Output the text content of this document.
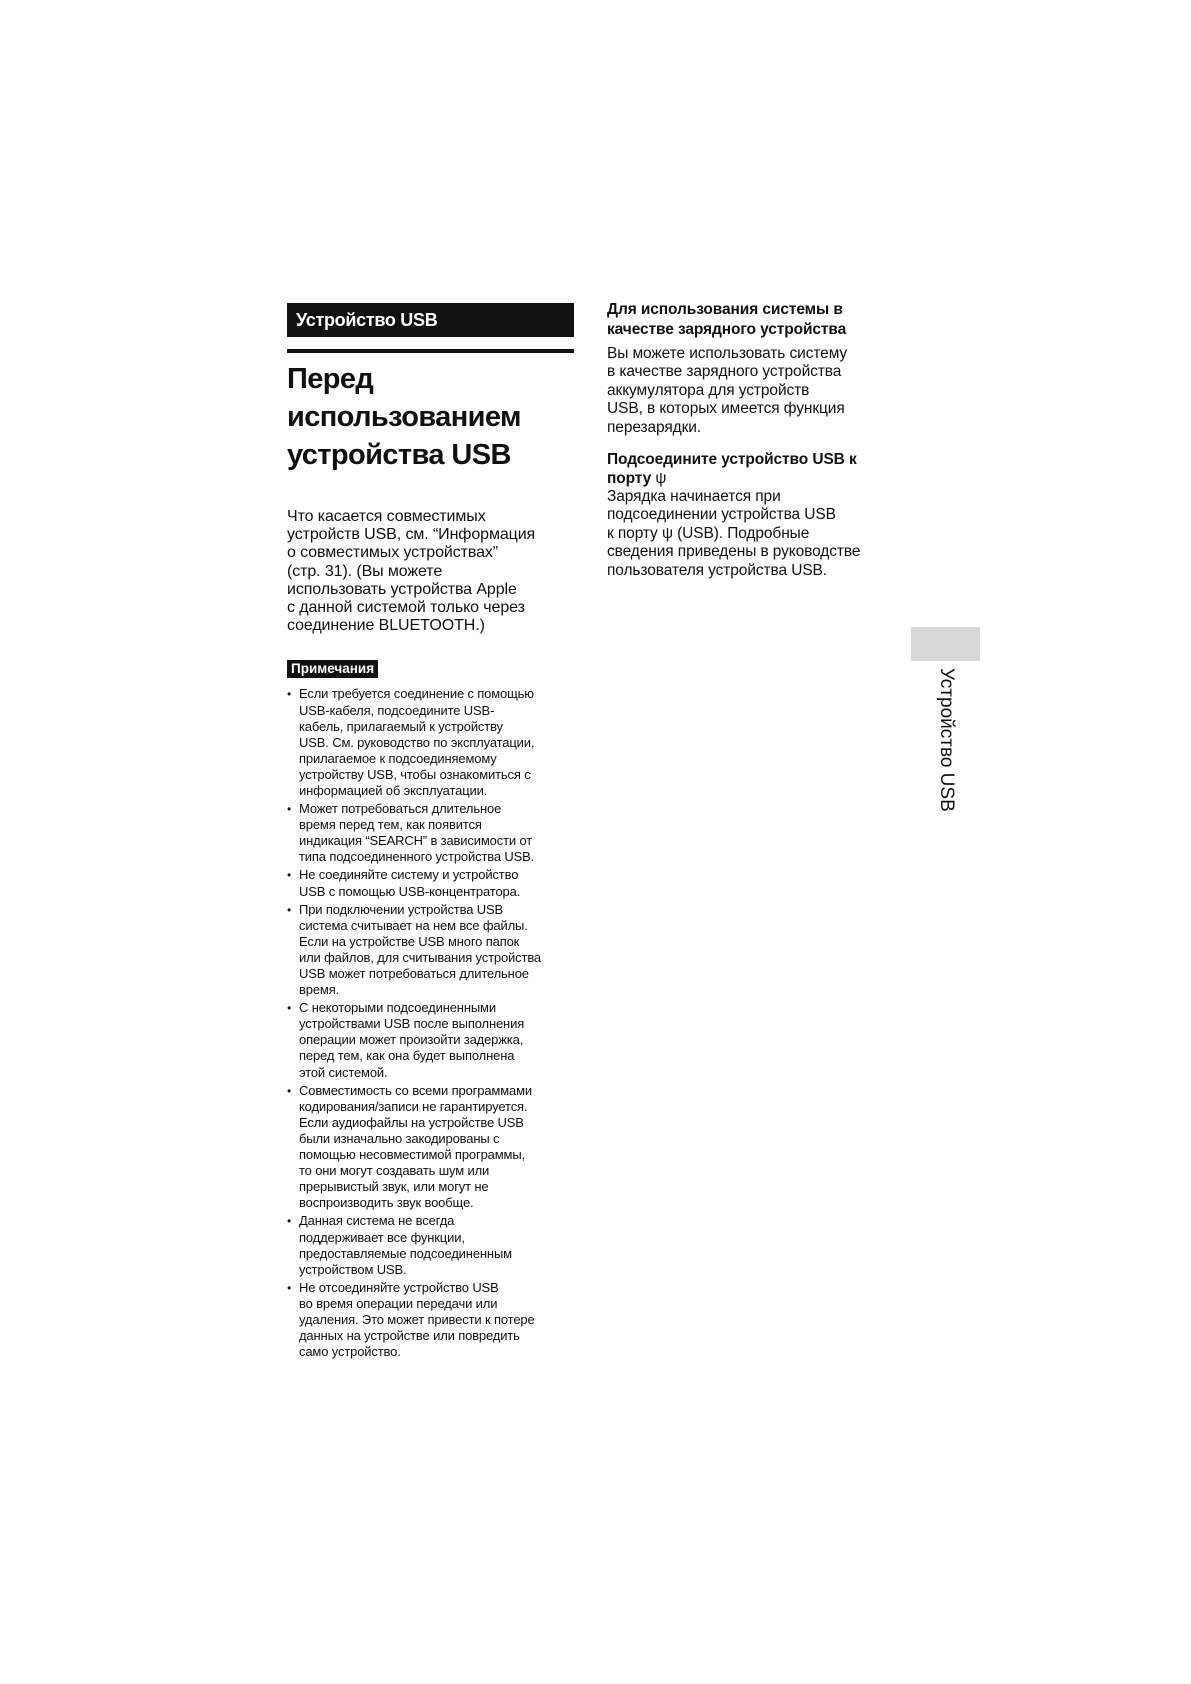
Устройство USB
Перед использованием устройства USB
Что касается совместимых
устройств USB, см. “Информация
о совместимых устройствах”
(стр. 31). (Вы можете
использовать устройства Apple
с данной системой только через
соединение BLUETOOTH.)
Примечания
• Если требуется соединение с помощью
USB-кабеля, подсоедините USB-
кабель, прилагаемый к устройству
USB. См. руководство по эксплуатации,
прилагаемое к подсоединяемому
устройству USB, чтобы ознакомиться с
информацией об эксплуатации.
• Может потребоваться длительное
время перед тем, как появится
индикация “SEARCH” в зависимости от
типа подсоединенного устройства USB.
• Не соединяйте систему и устройство
USB с помощью USB-концентратора.
• При подключении устройства USB
система считывает на нем все файлы.
Если на устройстве USB много папок
или файлов, для считывания устройства
USB может потребоваться длительное
время.
• С некоторыми подсоединенными
устройствами USB после выполнения
операции может произойти задержка,
перед тем, как она будет выполнена
этой системой.
• Совместимость со всеми программами
кодирования/записи не гарантируется.
Если аудиофайлы на устройстве USB
были изначально закодированы с
помощью несовместимой программы,
то они могут создавать шум или
прерывистый звук, или могут не
воспроизводить звук вообще.
• Данная система не всегда
поддерживает все функции,
предоставляемые подсоединенным
устройством USB.
• Не отсоединяйте устройство USB
во время операции передачи или
удаления. Это может привести к потере
данных на устройстве или повредить
само устройство.
Для использования системы в
качестве зарядного устройства
Вы можете использовать систему
в качестве зарядного устройства
аккумулятора для устройств
USB, в которых имеется функция
перезарядки.
Подсоедините устройство USB к
порту ψ
Зарядка начинается при
подсоединении устройства USB
к порту ψ (USB). Подробные
сведения приведены в руководстве
пользователя устройства USB.
Устройство USB
